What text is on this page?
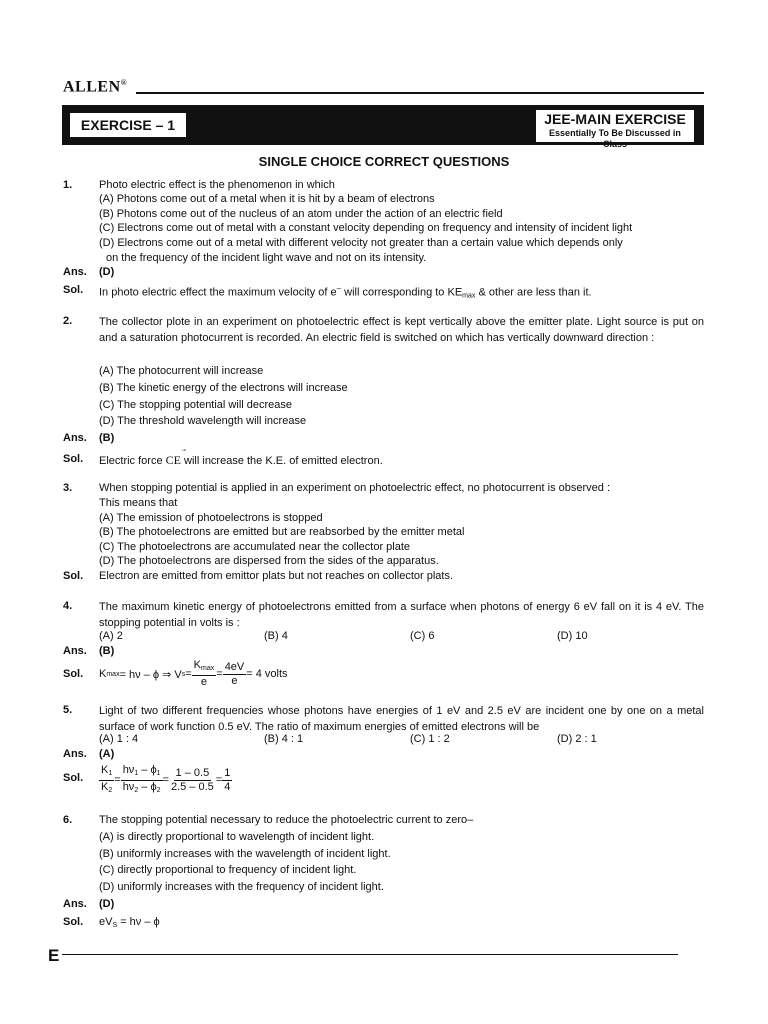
ALLEN®
EXERCISE – 1	JEE-MAIN EXERCISE
Essentially To Be Discussed in Class
SINGLE CHOICE CORRECT QUESTIONS
1. Photo electric effect is the phenomenon in which
(A) Photons come out of a metal when it is hit by a beam of electrons
(B) Photons come out of the nucleus of an atom under the action of an electric field
(C) Electrons come out of metal with a constant velocity depending on frequency and intensity of incident light
(D) Electrons come out of a metal with different velocity not greater than a certain value which depends only
on the frequency of the incident light wave and not on its intensity.
Ans. (D)
Sol. In photo electric effect the maximum velocity of e– will corresponding to $KE_{max}$ & other are less than it.
2. The collector plote in an experiment on photoelectric effect is kept vertically above the emitter plate. Light source is put on and a saturation photocurrent is recorded. An electric field is switched on which has vertically downward direction :
(A) The photocurrent will increase
(B) The kinetic energy of the electrons will increase
(C) The stopping potential will decrease
(D) The threshold wavelength will increase
Ans. (B)
Sol. Electric force CE will increase the K.E. of emitted electron.
3. When stopping potential is applied in an experiment on photoelectric effect, no photocurrent is observed :
This means that
(A) The emission of photoelectrons is stopped
(B) The photoelectrons are emitted but are reabsorbed by the emitter metal
(C) The photoelectrons are accumulated near the collector plate
(D) The photoelectrons are dispersed from the sides of the apparatus.
Sol. Electron are emitted from emittor plats but not reaches on collector plats.
4. The maximum kinetic energy of photoelectrons emitted from a surface when photons of energy 6 eV fall on it is 4 eV. The stopping potential in volts is :
(A) 2	(B) 4	(C) 6	(D) 10
Ans. (B)
Sol. K max = hν – ϕ ⇒ V $s = \frac{K_{max}}{e} = \frac{4eV}{e} = 4$ volts
5. Light of two different frequencies whose photons have energies of 1 eV and 2.5 eV are incident one by one on a metal surface of work function 0.5 eV. The ratio of maximum energies of emitted electrons will be
(A) 1 : 4	(B) 4 : 1	(C) 1 : 2	(D) 2 : 1
Ans. (A)
Sol. $\frac{K_1}{K_2} = \frac{h\nu_1 - \phi_1}{h\nu_2 - \phi_2} = \frac{1 - 0.5}{2.5 - 0.5} = \frac{1}{4}$
6. The stopping potential necessary to reduce the photoelectric current to zero–
(A) is directly proportional to wavelength of incident light.
(B) uniformly increases with the wavelength of incident light.
(C) directly proportional to frequency of incident light.
(D) uniformly increases with the frequency of incident light.
Ans. (D)
Sol. $eV_S = h\nu - \phi$
E
